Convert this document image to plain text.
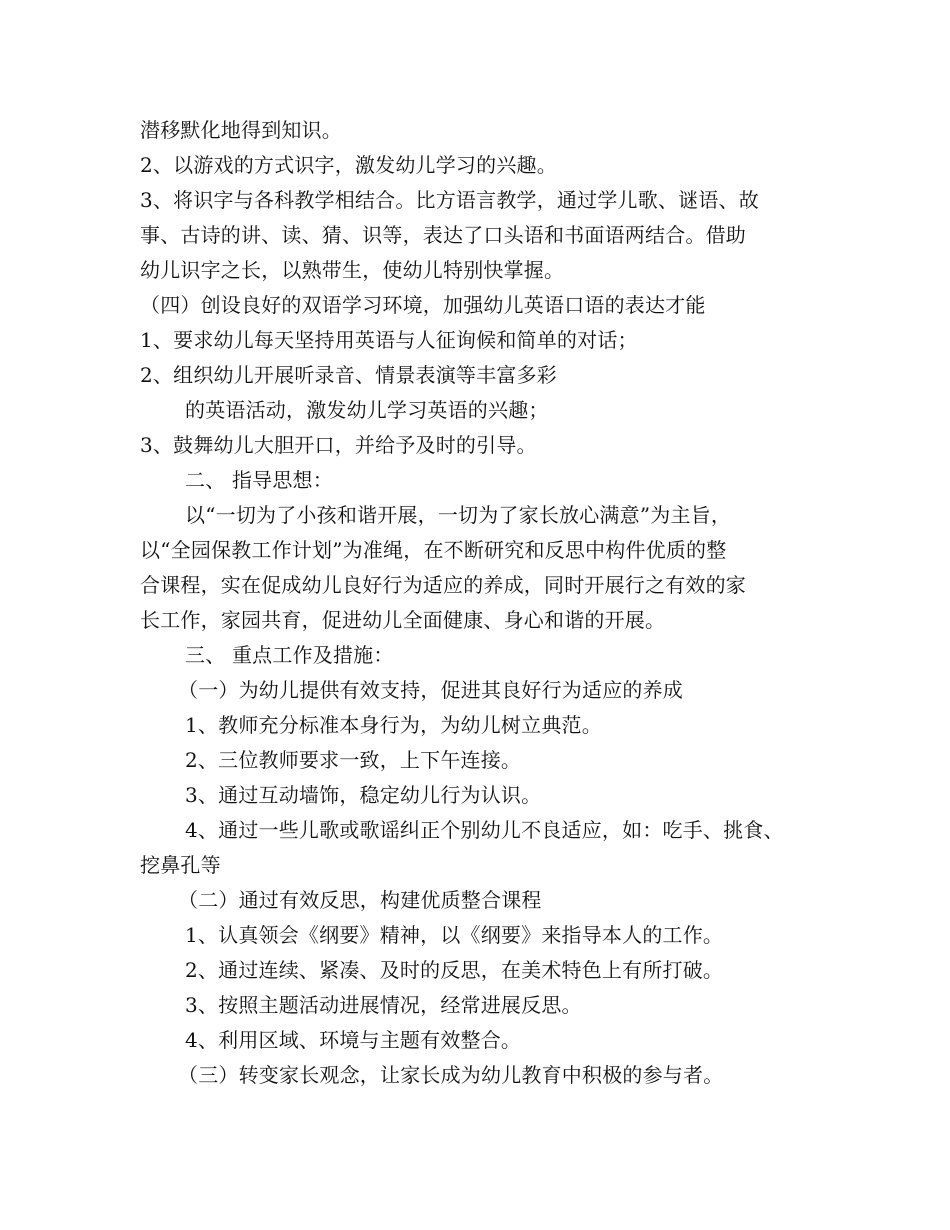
潜移默化地得到知识。
2、以游戏的方式识字，激发幼儿学习的兴趣。
3、将识字与各科教学相结合。比方语言教学，通过学儿歌、谜语、故
事、古诗的讲、读、猜、识等，表达了口头语和书面语两结合。借助
幼儿识字之长，以熟带生，使幼儿特别快掌握。
（四）创设良好的双语学习环境，加强幼儿英语口语的表达才能
1、要求幼儿每天坚持用英语与人征询候和简单的对话；
2、组织幼儿开展听录音、情景表演等丰富多彩
的英语活动，激发幼儿学习英语的兴趣；
3、鼓舞幼儿大胆开口，并给予及时的引导。
二、 指导思想：
以“一切为了小孩和谐开展，一切为了家长放心满意”为主旨，
以“全园保教工作计划”为准绳，在不断研究和反思中构件优质的整
合课程，实在促成幼儿良好行为适应的养成，同时开展行之有效的家
长工作，家园共育，促进幼儿全面健康、身心和谐的开展。
三、 重点工作及措施：
（一）为幼儿提供有效支持，促进其良好行为适应的养成
1、教师充分标准本身行为，为幼儿树立典范。
2、三位教师要求一致，上下午连接。
3、通过互动墙饰，稳定幼儿行为认识。
4、通过一些儿歌或歌谣纠正个别幼儿不良适应，如：吃手、挑食、
挖鼻孔等
（二）通过有效反思，构建优质整合课程
1、认真领会《纲要》精神，以《纲要》来指导本人的工作。
2、通过连续、紧凑、及时的反思，在美术特色上有所打破。
3、按照主题活动进展情况，经常进展反思。
4、利用区域、环境与主题有效整合。
（三）转变家长观念，让家长成为幼儿教育中积极的参与者。
